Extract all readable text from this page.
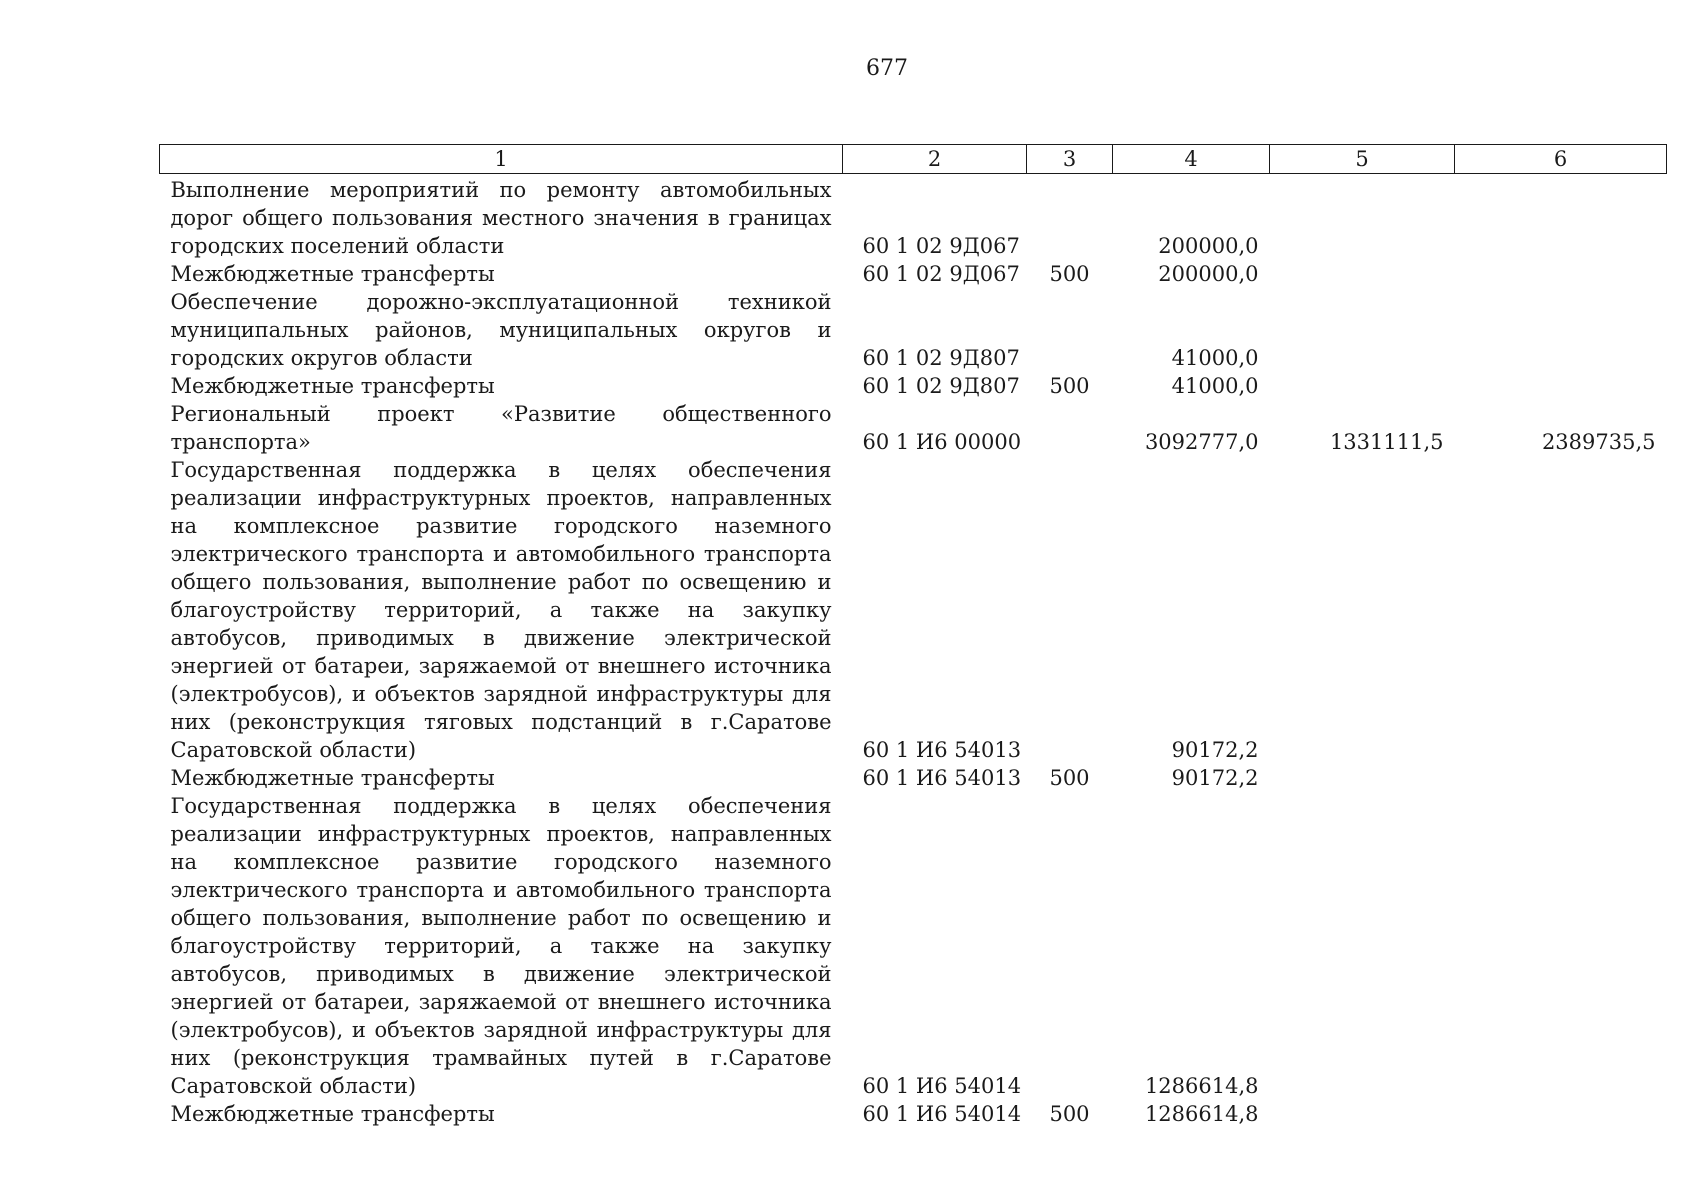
677
1	2	3	4	5	6
Выполнение мероприятий по ремонту автомобильных дорог общего пользования местного значения в границах городских поселений области	60 1 02 9Д067		200000,0		
Межбюджетные трансферты	60 1 02 9Д067	500	200000,0		
Обеспечение дорожно-эксплуатационной техникой муниципальных районов, муниципальных округов и городских округов области	60 1 02 9Д807		41000,0		
Межбюджетные трансферты	60 1 02 9Д807	500	41000,0		
Региональный проект «Развитие общественного транспорта»	60 1 И6 00000		3092777,0	1331111,5	2389735,5
Государственная поддержка в целях обеспечения реализации инфраструктурных проектов, направленных на комплексное развитие городского наземного электрического транспорта и автомобильного транспорта общего пользования, выполнение работ по освещению и благоустройству территорий, а также на закупку автобусов, приводимых в движение электрической энергией от батареи, заряжаемой от внешнего источника (электробусов), и объектов зарядной инфраструктуры для них (реконструкция тяговых подстанций в г.Саратове Саратовской области)	60 1 И6 54013		90172,2		
Межбюджетные трансферты	60 1 И6 54013	500	90172,2		
Государственная поддержка в целях обеспечения реализации инфраструктурных проектов, направленных на комплексное развитие городского наземного электрического транспорта и автомобильного транспорта общего пользования, выполнение работ по освещению и благоустройству территорий, а также на закупку автобусов, приводимых в движение электрической энергией от батареи, заряжаемой от внешнего источника (электробусов), и объектов зарядной инфраструктуры для них (реконструкция трамвайных путей в г.Саратове Саратовской области)	60 1 И6 54014		1286614,8		
Межбюджетные трансферты	60 1 И6 54014	500	1286614,8		
